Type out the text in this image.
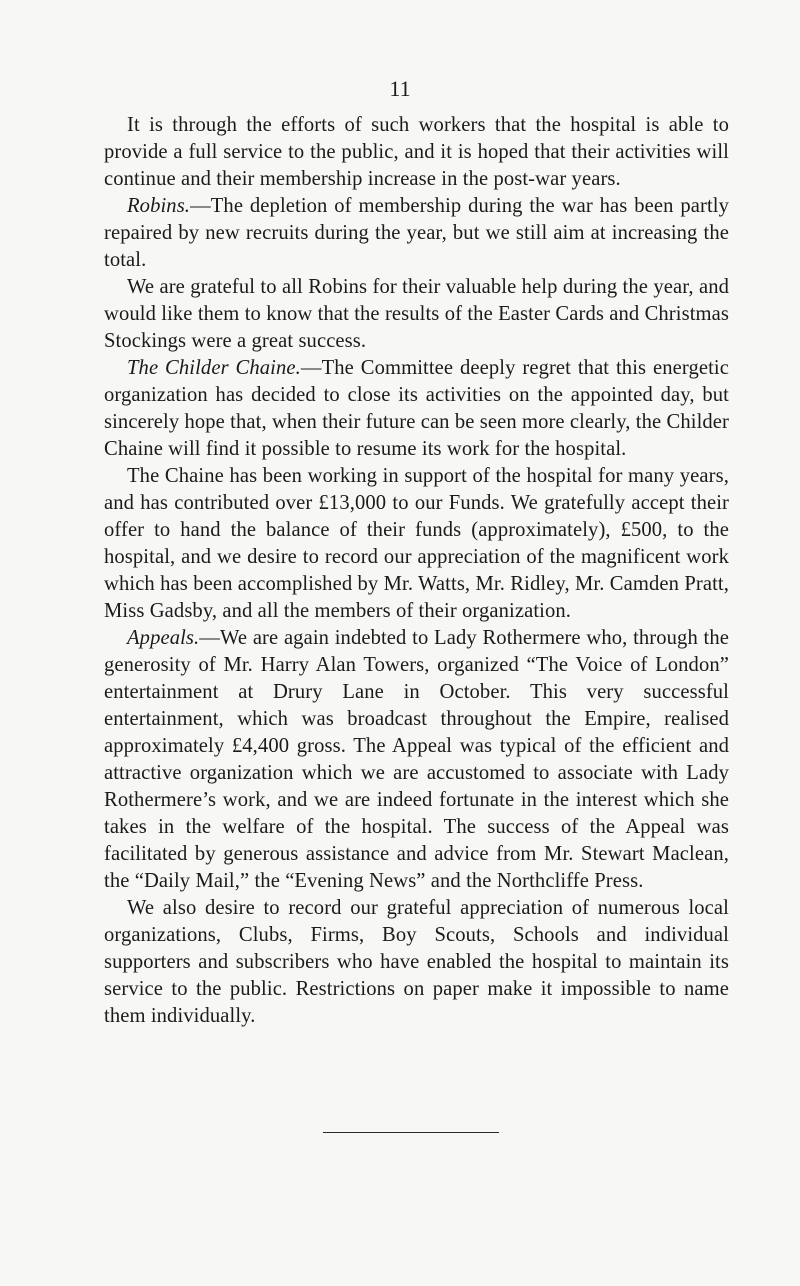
11

It is through the efforts of such workers that the hospital is able to provide a full service to the public, and it is hoped that their activities will continue and their membership increase in the post-war years.

Robins.—The depletion of membership during the war has been partly repaired by new recruits during the year, but we still aim at increasing the total.

We are grateful to all Robins for their valuable help during the year, and would like them to know that the results of the Easter Cards and Christmas Stockings were a great success.

The Childer Chaine.—The Committee deeply regret that this energetic organization has decided to close its activities on the appointed day, but sincerely hope that, when their future can be seen more clearly, the Childer Chaine will find it possible to resume its work for the hospital.

The Chaine has been working in support of the hospital for many years, and has contributed over £13,000 to our Funds. We gratefully accept their offer to hand the balance of their funds (approximately), £500, to the hospital, and we desire to record our appreciation of the magnificent work which has been accomplished by Mr. Watts, Mr. Ridley, Mr. Camden Pratt, Miss Gadsby, and all the members of their organization.

Appeals.—We are again indebted to Lady Rothermere who, through the generosity of Mr. Harry Alan Towers, organized “The Voice of London” entertainment at Drury Lane in October. This very successful entertainment, which was broadcast throughout the Empire, realised approximately £4,400 gross. The Appeal was typical of the efficient and attractive organization which we are accustomed to associate with Lady Rothermere’s work, and we are indeed fortunate in the interest which she takes in the welfare of the hospital. The success of the Appeal was facilitated by generous assistance and advice from Mr. Stewart Maclean, the “Daily Mail,” the “Evening News” and the Northcliffe Press.

We also desire to record our grateful appreciation of numerous local organizations, Clubs, Firms, Boy Scouts, Schools and individual supporters and subscribers who have enabled the hospital to maintain its service to the public. Restrictions on paper make it impossible to name them individually.
